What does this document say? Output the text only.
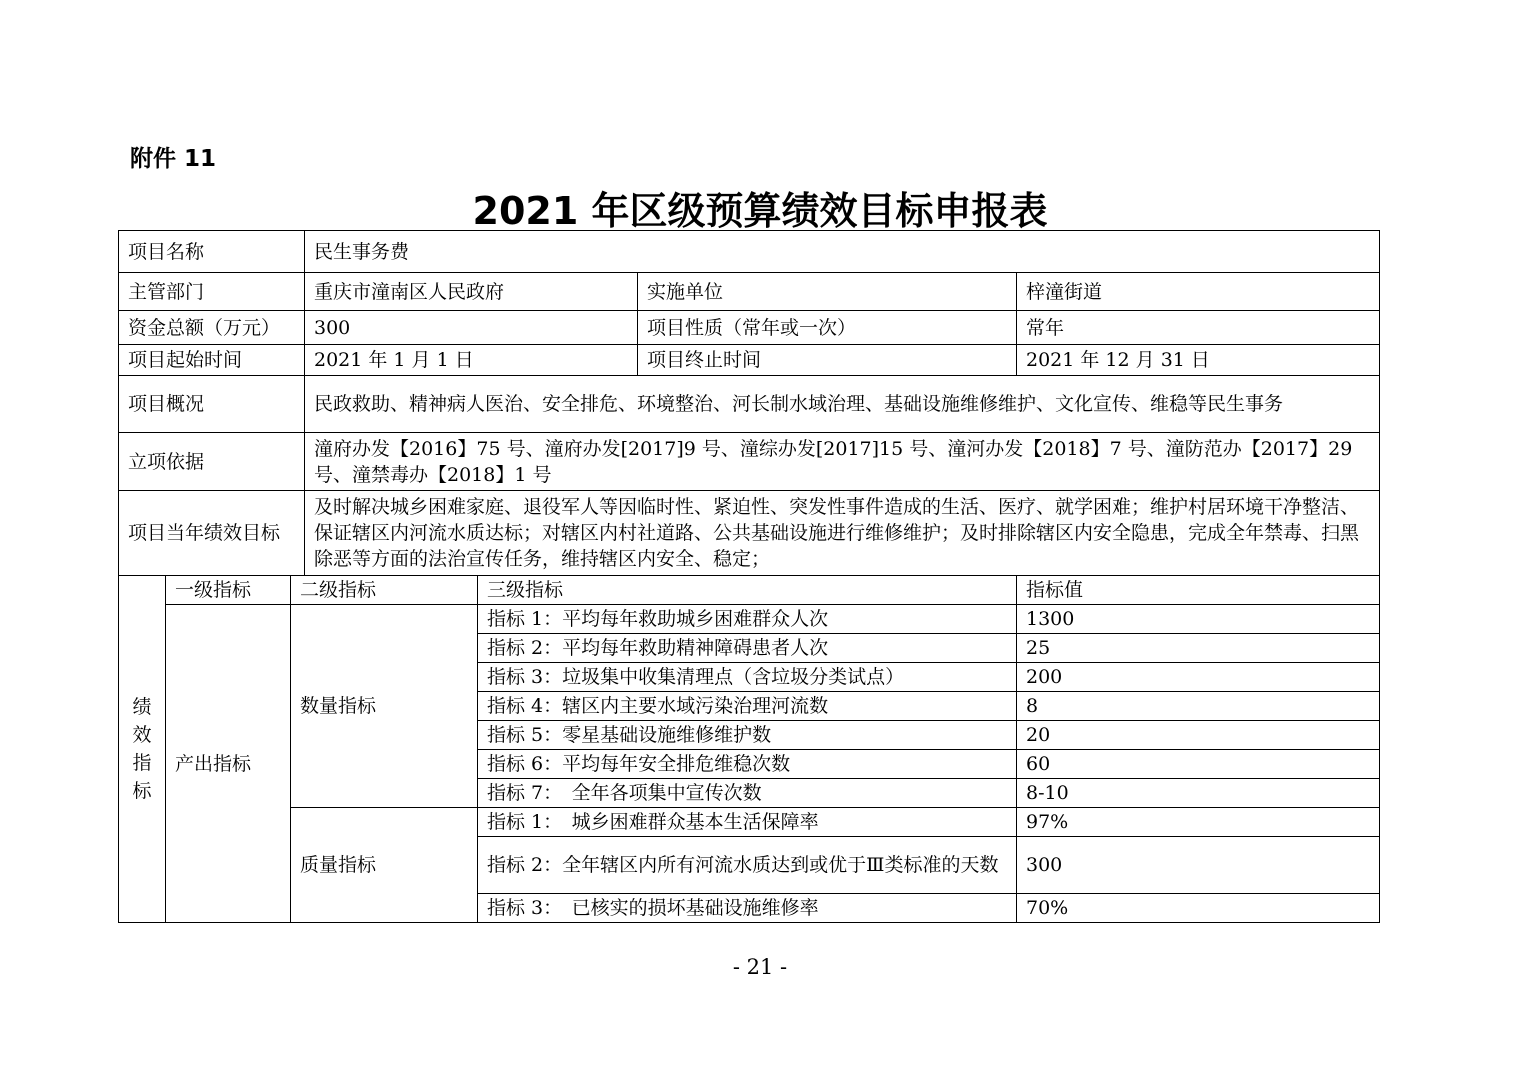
附件 11
2021 年区级预算绩效目标申报表
项目名称			民生事务费			
主管部门			重庆市潼南区人民政府		实施单位	梓潼街道
资金总额（万元）			300		项目性质（常年或一次）	常年
项目起始时间			2021 年 1 月 1 日		项目终止时间	2021 年 12 月 31 日
项目概况			民政救助、精神病人医治、安全排危、环境整治、河长制水域治理、基础设施维修维护、文化宣传、维稳等民生事务			
立项依据			潼府办发【2016】75 号、潼府办发[2017]9 号、潼综办发[2017]15 号、潼河办发【2018】7 号、潼防范办【2017】29 号、潼禁毒办【2018】1 号			
项目当年绩效目标			及时解决城乡困难家庭、退役军人等因临时性、紧迫性、突发性事件造成的生活、医疗、就学困难；维护村居环境干净整洁、保证辖区内河流水质达标；对辖区内村社道路、公共基础设施进行维修维护；及时排除辖区内安全隐患，完成全年禁毒、扫黑除恶等方面的法治宣传任务，维持辖区内安全、稳定；			

绩
效
指
标	一级指标	二级指标		三级指标		指标值
	产出指标	数量指标		指标 1：平均每年救助城乡困难群众人次		1300
				指标 2：平均每年救助精神障碍患者人次		25
				指标 3：垃圾集中收集清理点（含垃圾分类试点）		200
				指标 4：辖区内主要水域污染治理河流数		8
				指标 5：零星基础设施维修维护数		20
				指标 6：平均每年安全排危维稳次数		60
				指标 7：　全年各项集中宣传次数		8-10
		质量指标		指标 1：　城乡困难群众基本生活保障率		97%
				指标 2：全年辖区内所有河流水质达到或优于Ⅲ类标准的天数		300
				指标 3：　已核实的损坏基础设施维修率		70%
- 21 -
